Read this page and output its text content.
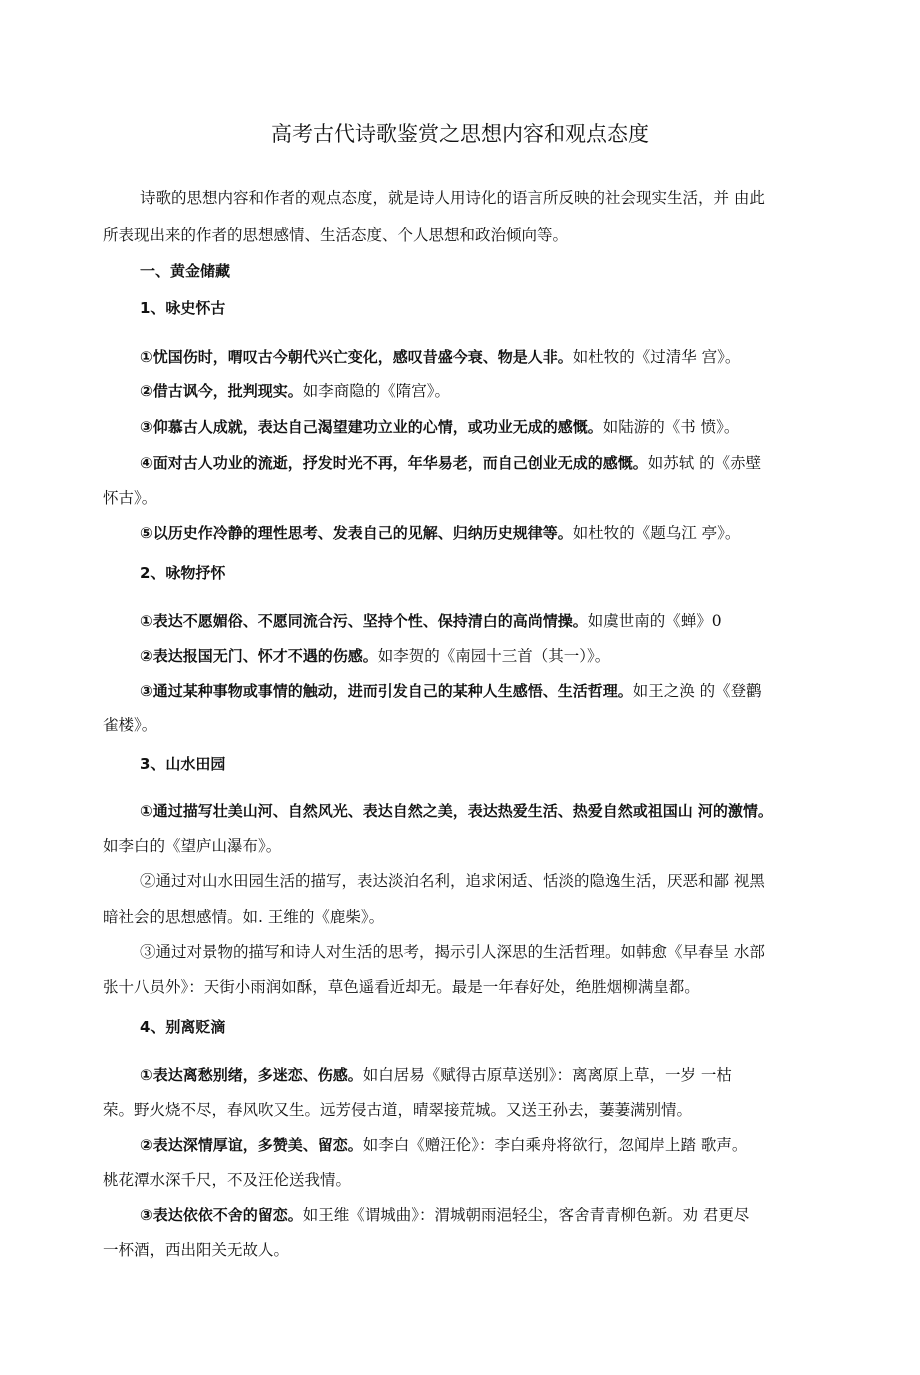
高考古代诗歌鉴赏之思想内容和观点态度
诗歌的思想内容和作者的观点态度，就是诗人用诗化的语言所反映的社会现实生活，并 由此
所表现出来的作者的思想感情、生活态度、个人思想和政治倾向等。
一、黄金储藏
1、咏史怀古
①忧国伤时，喟叹古今朝代兴亡变化，感叹昔盛今衰、物是人非。如杜牧的《过清华 宫》。
②借古讽今，批判现实。如李商隐的《隋宫》。
③仰慕古人成就，表达自己渴望建功立业的心情，或功业无成的感慨。如陆游的《书 愤》。
④面对古人功业的流逝，抒发时光不再，年华易老，而自己创业无成的感慨。如苏轼 的《赤壁
怀古》。
⑤以历史作冷静的理性思考、发表自己的见解、归纳历史规律等。如杜牧的《题乌江 亭》。
2、咏物抒怀
①表达不愿媚俗、不愿同流合污、坚持个性、保持清白的高尚情操。如虞世南的《蝉》0
②表达报国无门、怀才不遇的伤感。如李贺的《南园十三首（其一）》。
③通过某种事物或事情的触动，进而引发自己的某种人生感悟、生活哲理。如王之涣 的《登鹳
雀楼》。
3、山水田园
①通过描写壮美山河、自然风光、表达自然之美，表达热爱生活、热爱自然或祖国山 河的激情。
如李白的《望庐山瀑布》。
②通过对山水田园生活的描写，表达淡泊名利，追求闲适、恬淡的隐逸生活，厌恶和鄙 视黑
暗社会的思想感情。如. 王维的《鹿柴》。
③通过对景物的描写和诗人对生活的思考，揭示引人深思的生活哲理。如韩愈《早春呈 水部
张十八员外》：天街小雨润如酥，草色遥看近却无。最是一年春好处，绝胜烟柳满皇都。
4、别离贬滴
①表达离愁别绪，多迷恋、伤感。如白居易《赋得古原草送别》：离离原上草，一岁 一枯
荣。野火烧不尽，春风吹又生。远芳侵古道，晴翠接荒城。又送王孙去，萋萋满别情。
②表达深情厚谊，多赞美、留恋。如李白《赠汪伦》：李白乘舟将欲行，忽闻岸上踏 歌声。
桃花潭水深千尺，不及汪伦送我情。
③表达依依不舍的留恋。如王维《谓城曲》：渭城朝雨浥轻尘，客舍青青柳色新。劝 君更尽
一杯酒，西出阳关无故人。
